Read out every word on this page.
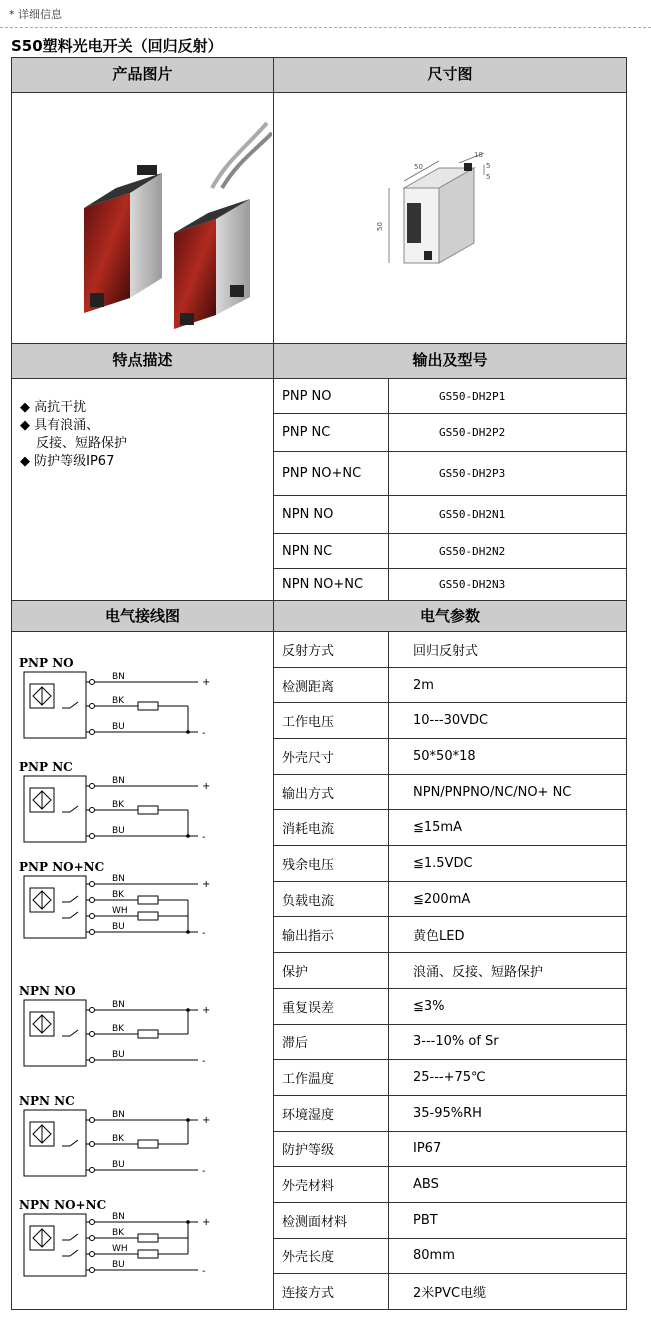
* 详细信息
S50塑料光电开关（回归反射）
产品图片	尺寸图
50
18
50
5
5
特点描述	输出及型号
◆ 高抗干扰
◆ 具有浪涌、
反接、短路保护
◆ 防护等级IP67
电气接线图	电气参数
PNP NO
BN
BK
BU
+
-
PNP NC
BN
BK
BU
+
-
PNP NO+NC
BN
BK
WH
BU
+
-
NPN NO
BN
BK
BU
+
-
NPN NC
BN
BK
BU
+
-
NPN NO+NC
BN
BK
WH
BU
+
-
PNP NO	GS50-DH2P1
PNP NC	GS50-DH2P2
PNP NO+NC	GS50-DH2P3
NPN NO	GS50-DH2N1
NPN NC	GS50-DH2N2
NPN NO+NC	GS50-DH2N3
反射方式	回归反射式
检测距离	2m
工作电压	10---30VDC
外壳尺寸	50*50*18
输出方式	NPN/PNPNO/NC/NO+ NC
消耗电流	≦15mA
残余电压	≦1.5VDC
负载电流	≦200mA
输出指示	黄色LED
保护	浪涌、反接、短路保护
重复误差	≦3%
滞后	3---10% of Sr
工作温度	25---+75℃
环境湿度	35-95%RH
防护等级	IP67
外壳材料	ABS
检测面材料	PBT
外壳长度	80mm
连接方式	2米PVC电缆
